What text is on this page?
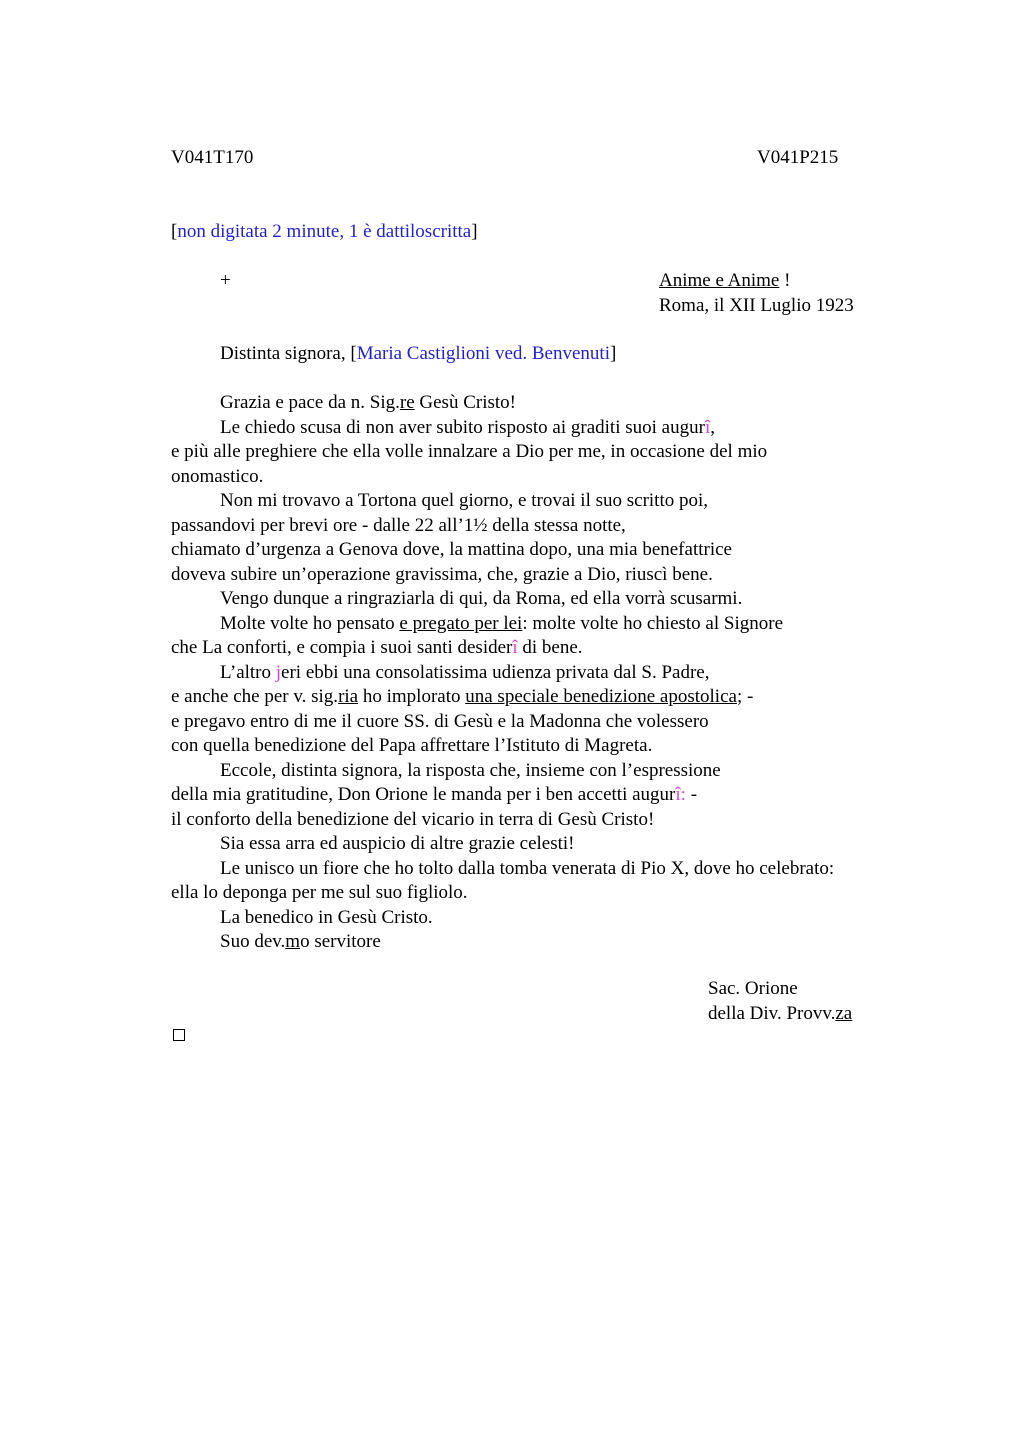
V041T170	V041P215
[non digitata 2 minute, 1 è dattiloscritta]
+	Anime e Anime !
Roma, il XII Luglio 1923
Distinta signora, [Maria Castiglioni ved. Benvenuti]
Grazia e pace da n. Sig.re Gesù Cristo!
Le chiedo scusa di non aver subito risposto ai graditi suoi augurî,
e più alle preghiere che ella volle innalzare a Dio per me, in occasione del mio
onomastico.
Non mi trovavo a Tortona quel giorno, e trovai il suo scritto poi,
passandovi per brevi ore - dalle 22 all’1½ della stessa notte,
chiamato d’urgenza a Genova dove, la mattina dopo, una mia benefattrice
doveva subire un’operazione gravissima, che, grazie a Dio, riuscì bene.
Vengo dunque a ringraziarla di qui, da Roma, ed ella vorrà scusarmi.
Molte volte ho pensato e pregato per lei: molte volte ho chiesto al Signore
che La conforti, e compia i suoi santi desiderî di bene.
L’altro jeri ebbi una consolatissima udienza privata dal S. Padre,
e anche che per v. sig.ria ho implorato una speciale benedizione apostolica; -
e pregavo entro di me il cuore SS. di Gesù e la Madonna che volessero
con quella benedizione del Papa affrettare l’Istituto di Magreta.
Eccole, distinta signora, la risposta che, insieme con l’espressione
della mia gratitudine, Don Orione le manda per i ben accetti augurî: -
il conforto della benedizione del vicario in terra di Gesù Cristo!
Sia essa arra ed auspicio di altre grazie celesti!
Le unisco un fiore che ho tolto dalla tomba venerata di Pio X, dove ho celebrato:
ella lo deponga per me sul suo figliolo.
La benedico in Gesù Cristo.
Suo dev.mo servitore
Sac. Orione
della Div. Provv.za
